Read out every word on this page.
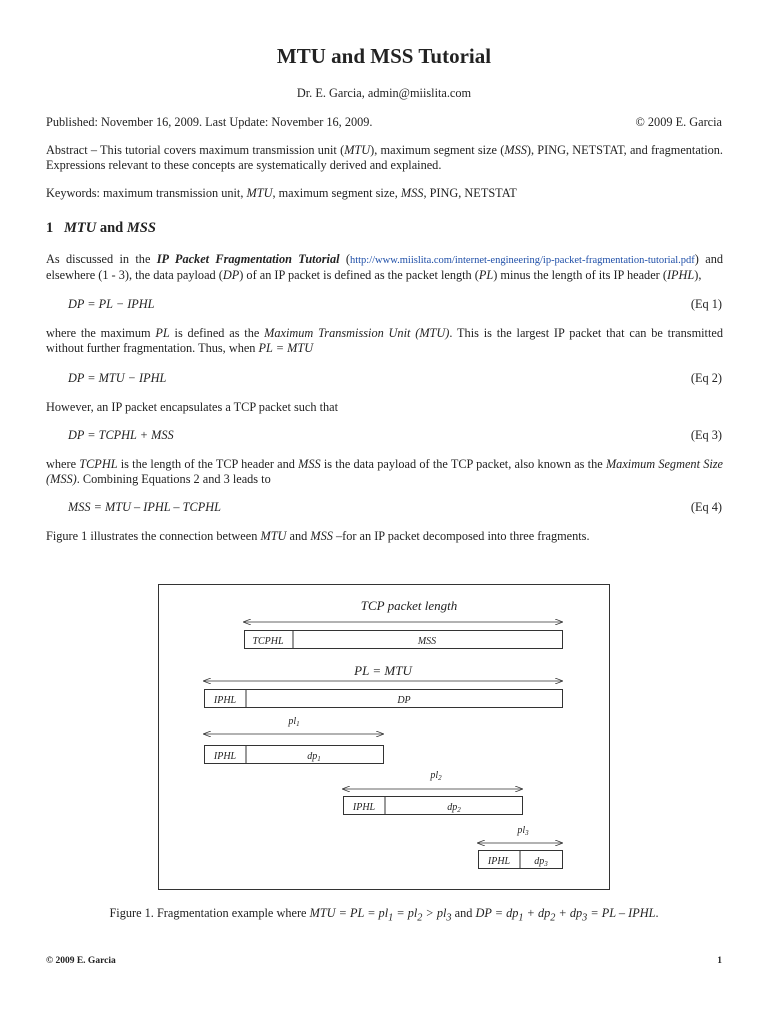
MTU and MSS Tutorial
Dr. E. Garcia, admin@miislita.com
Published: November 16, 2009. Last Update: November 16, 2009.	© 2009 E. Garcia
Abstract – This tutorial covers maximum transmission unit (MTU), maximum segment size (MSS), PING, NETSTAT, and fragmentation. Expressions relevant to these concepts are systematically derived and explained.
Keywords: maximum transmission unit, MTU, maximum segment size, MSS, PING, NETSTAT
1 MTU and MSS
As discussed in the IP Packet Fragmentation Tutorial (http://www.miislita.com/internet-engineering/ip-packet-fragmentation-tutorial.pdf) and elsewhere (1 - 3), the data payload (DP) of an IP packet is defined as the packet length (PL) minus the length of its IP header (IPHL),
DP = PL − IPHL	(Eq 1)
where the maximum PL is defined as the Maximum Transmission Unit (MTU). This is the largest IP packet that can be transmitted without further fragmentation. Thus, when PL = MTU
DP = MTU − IPHL	(Eq 2)
However, an IP packet encapsulates a TCP packet such that
DP = TCPHL + MSS	(Eq 3)
where TCPHL is the length of the TCP header and MSS is the data payload of the TCP packet, also known as the Maximum Segment Size (MSS). Combining Equations 2 and 3 leads to
MSS = MTU – IPHL – TCPHL	(Eq 4)
Figure 1 illustrates the connection between MTU and MSS –for an IP packet decomposed into three fragments.
TCP packet length
TCPHL	MSS
PL = MTU
IPHL	DP
$pl_1$
IPHL	$dp_1$
$pl_2$
IPHL	$dp_2$
$pl_3$
IPHL $dp_3$
Figure 1. Fragmentation example where MTU = PL = $pl_1 = pl_2 > pl_3$ and DP = $dp_1 + dp_2 + dp_3$ = PL – IPHL.
© 2009 E. Garcia	1
